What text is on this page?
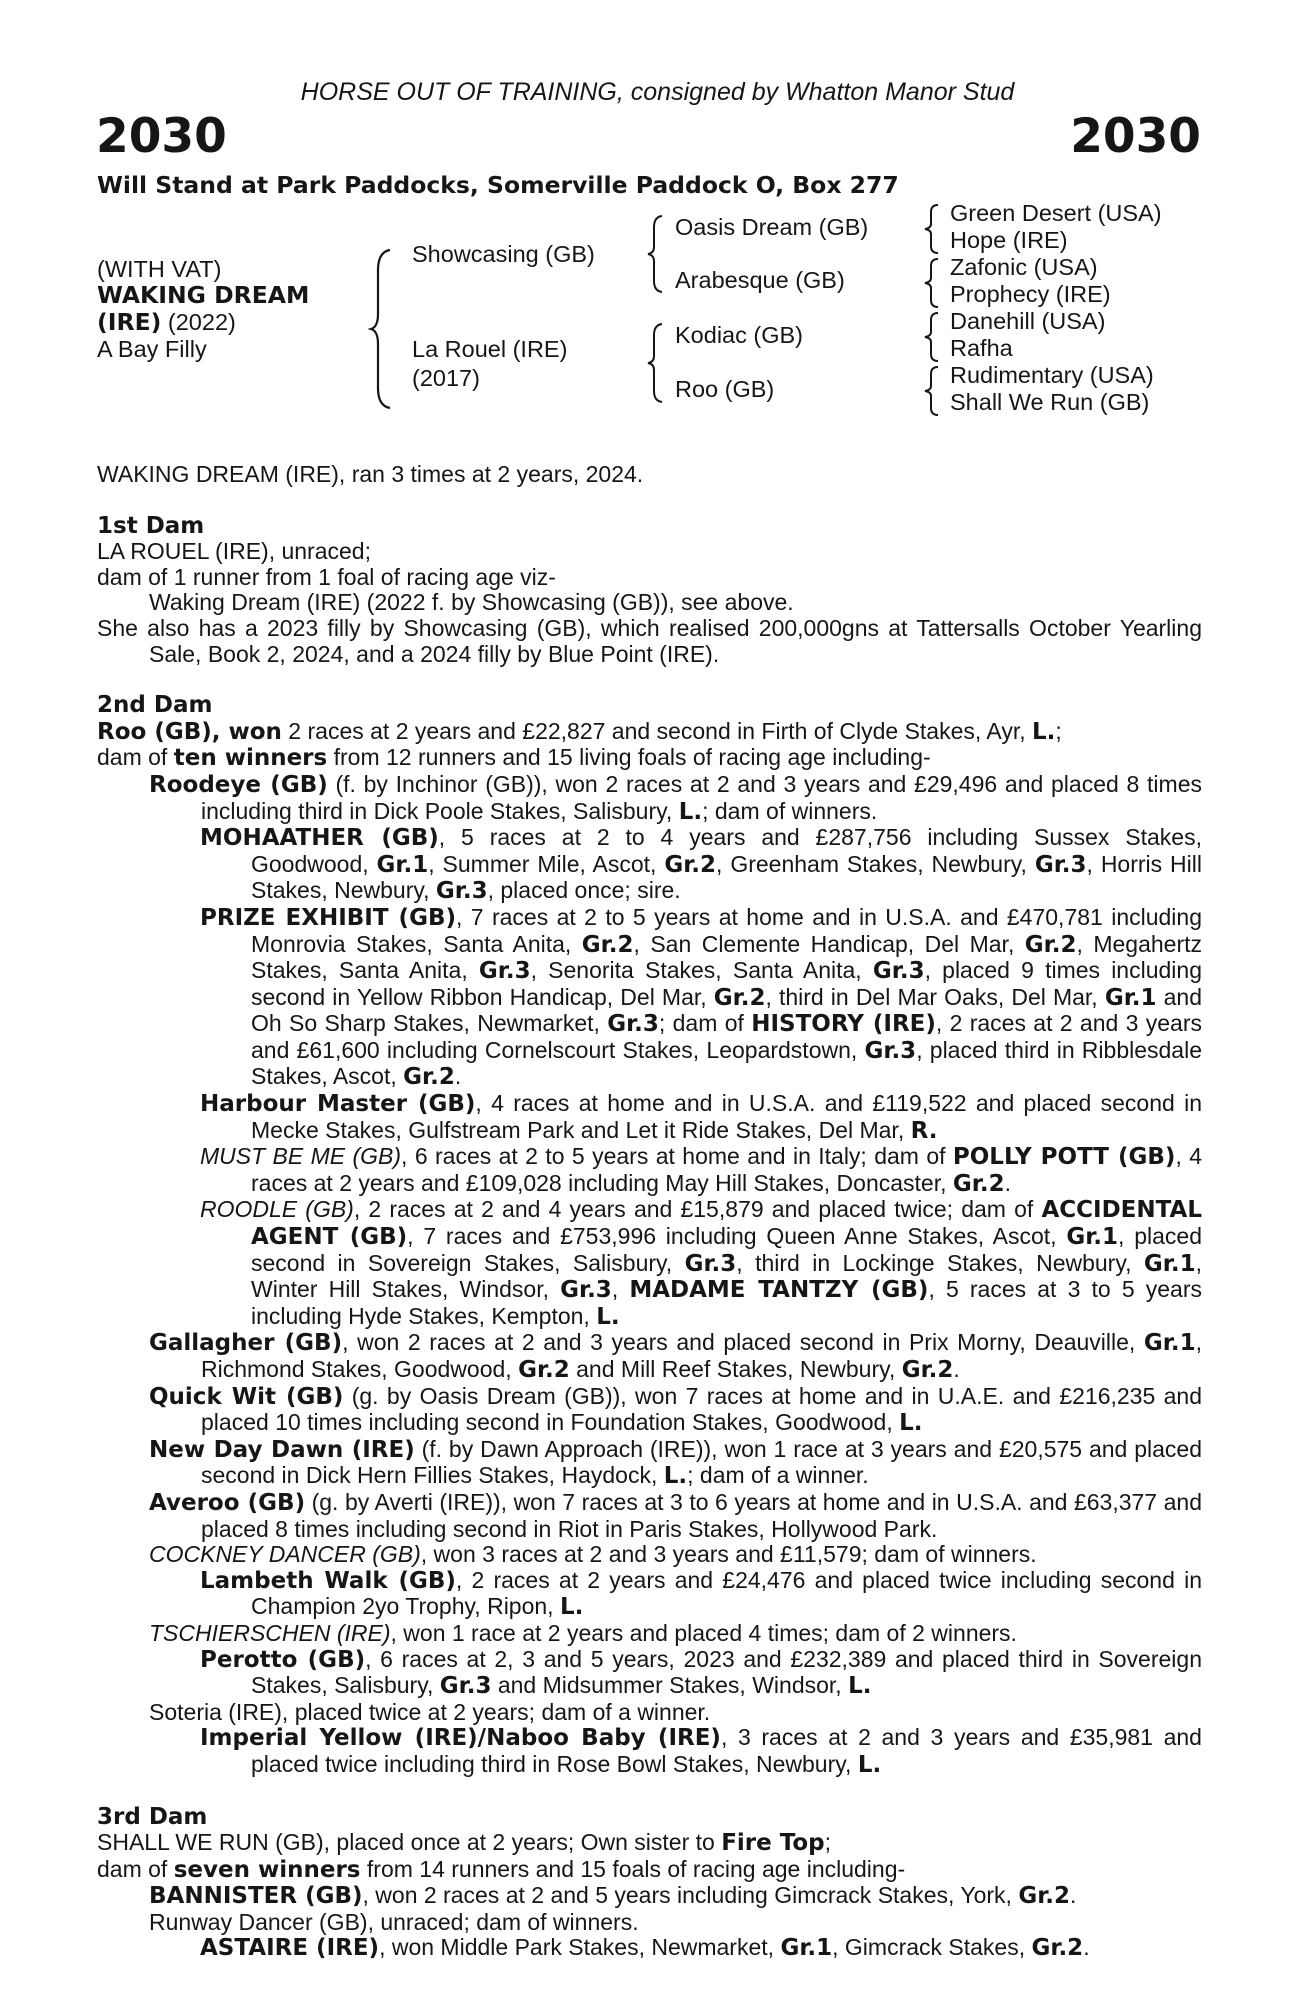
HORSE OUT OF TRAINING, consigned by Whatton Manor Stud
2030	2030
Will Stand at Park Paddocks, Somerville Paddock O, Box 277
(WITH VAT)
WAKING DREAM
(IRE) (2022)
A Bay Filly
Showcasing (GB)
La Rouel (IRE)
(2017)
Oasis Dream (GB)
Arabesque (GB)
Kodiac (GB)
Roo (GB)
Green Desert (USA)
Hope (IRE)
Zafonic (USA)
Prophecy (IRE)
Danehill (USA)
Rafha
Rudimentary (USA)
Shall We Run (GB)

WAKING DREAM (IRE), ran 3 times at 2 years, 2024.

1st Dam

LA ROUEL (IRE), unraced;

dam of 1 runner from 1 foal of racing age viz-

Waking Dream (IRE) (2022 f. by Showcasing (GB)), see above.

She also has a 2023 filly by Showcasing (GB), which realised 200,000gns at Tattersalls October Yearling Sale, Book 2, 2024, and a 2024 filly by Blue Point (IRE).

2nd Dam

Roo (GB), won 2 races at 2 years and £22,827 and second in Firth of Clyde Stakes, Ayr, L.;

dam of ten winners from 12 runners and 15 living foals of racing age including-

Roodeye (GB) (f. by Inchinor (GB)), won 2 races at 2 and 3 years and £29,496 and placed 8 times including third in Dick Poole Stakes, Salisbury, L.; dam of winners.

MOHAATHER (GB), 5 races at 2 to 4 years and £287,756 including Sussex Stakes, Goodwood, Gr.1, Summer Mile, Ascot, Gr.2, Greenham Stakes, Newbury, Gr.3, Horris Hill Stakes, Newbury, Gr.3, placed once; sire.

PRIZE EXHIBIT (GB), 7 races at 2 to 5 years at home and in U.S.A. and £470,781 including Monrovia Stakes, Santa Anita, Gr.2, San Clemente Handicap, Del Mar, Gr.2, Megahertz Stakes, Santa Anita, Gr.3, Senorita Stakes, Santa Anita, Gr.3, placed 9 times including second in Yellow Ribbon Handicap, Del Mar, Gr.2, third in Del Mar Oaks, Del Mar, Gr.1 and Oh So Sharp Stakes, Newmarket, Gr.3; dam of HISTORY (IRE), 2 races at 2 and 3 years and £61,600 including Cornelscourt Stakes, Leopardstown, Gr.3, placed third in Ribblesdale Stakes, Ascot, Gr.2.

Harbour Master (GB), 4 races at home and in U.S.A. and £119,522 and placed second in Mecke Stakes, Gulfstream Park and Let it Ride Stakes, Del Mar, R.

MUST BE ME (GB), 6 races at 2 to 5 years at home and in Italy; dam of POLLY POTT (GB), 4 races at 2 years and £109,028 including May Hill Stakes, Doncaster, Gr.2.

ROODLE (GB), 2 races at 2 and 4 years and £15,879 and placed twice; dam of ACCIDENTAL AGENT (GB), 7 races and £753,996 including Queen Anne Stakes, Ascot, Gr.1, placed second in Sovereign Stakes, Salisbury, Gr.3, third in Lockinge Stakes, Newbury, Gr.1, Winter Hill Stakes, Windsor, Gr.3, MADAME TANTZY (GB), 5 races at 3 to 5 years including Hyde Stakes, Kempton, L.

Gallagher (GB), won 2 races at 2 and 3 years and placed second in Prix Morny, Deauville, Gr.1, Richmond Stakes, Goodwood, Gr.2 and Mill Reef Stakes, Newbury, Gr.2.

Quick Wit (GB) (g. by Oasis Dream (GB)), won 7 races at home and in U.A.E. and £216,235 and placed 10 times including second in Foundation Stakes, Goodwood, L.

New Day Dawn (IRE) (f. by Dawn Approach (IRE)), won 1 race at 3 years and £20,575 and placed second in Dick Hern Fillies Stakes, Haydock, L.; dam of a winner.

Averoo (GB) (g. by Averti (IRE)), won 7 races at 3 to 6 years at home and in U.S.A. and £63,377 and placed 8 times including second in Riot in Paris Stakes, Hollywood Park.

COCKNEY DANCER (GB), won 3 races at 2 and 3 years and £11,579; dam of winners.

Lambeth Walk (GB), 2 races at 2 years and £24,476 and placed twice including second in Champion 2yo Trophy, Ripon, L.

TSCHIERSCHEN (IRE), won 1 race at 2 years and placed 4 times; dam of 2 winners.

Perotto (GB), 6 races at 2, 3 and 5 years, 2023 and £232,389 and placed third in Sovereign Stakes, Salisbury, Gr.3 and Midsummer Stakes, Windsor, L.

Soteria (IRE), placed twice at 2 years; dam of a winner.

Imperial Yellow (IRE)/Naboo Baby (IRE), 3 races at 2 and 3 years and £35,981 and placed twice including third in Rose Bowl Stakes, Newbury, L.

3rd Dam

SHALL WE RUN (GB), placed once at 2 years; Own sister to Fire Top;

dam of seven winners from 14 runners and 15 foals of racing age including-

BANNISTER (GB), won 2 races at 2 and 5 years including Gimcrack Stakes, York, Gr.2.

Runway Dancer (GB), unraced; dam of winners.

ASTAIRE (IRE), won Middle Park Stakes, Newmarket, Gr.1, Gimcrack Stakes, Gr.2.
